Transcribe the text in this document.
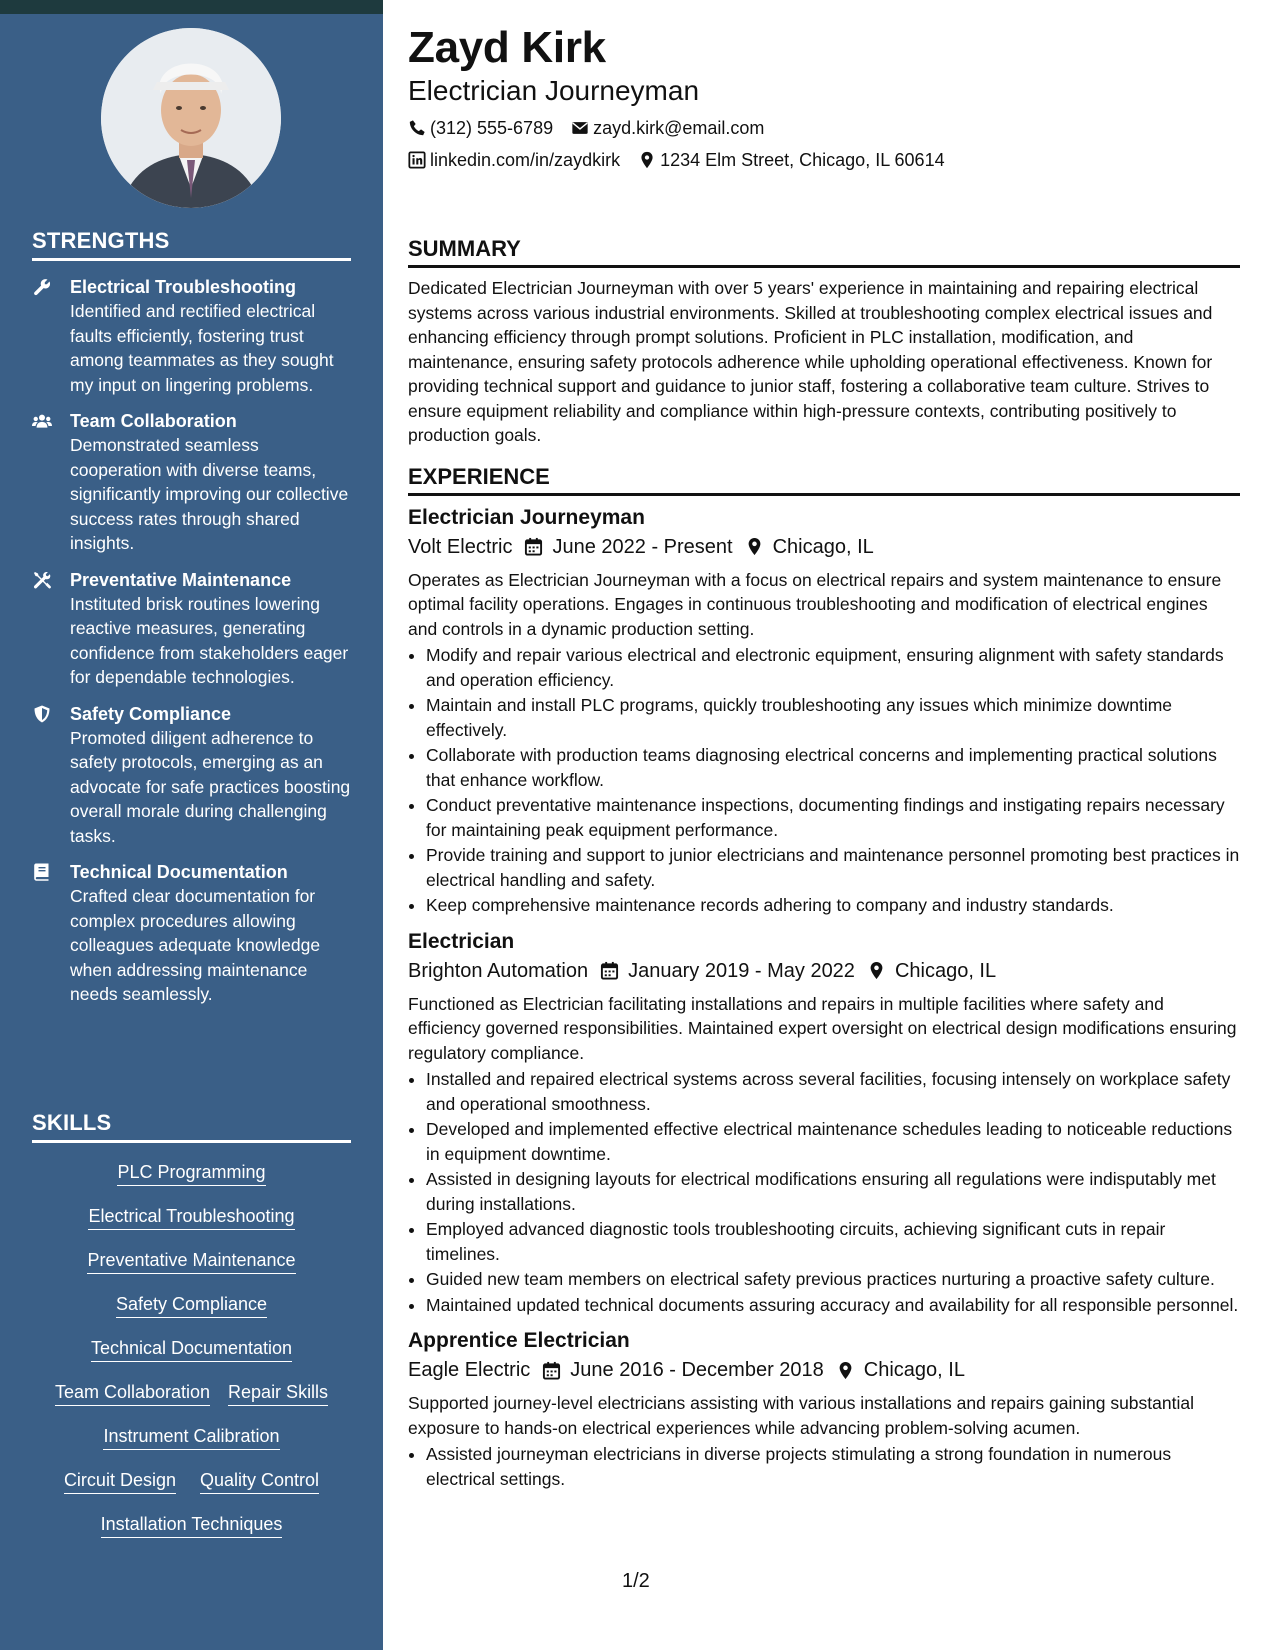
STRENGTHS
Electrical Troubleshooting
Identified and rectified electrical faults efficiently, fostering trust among teammates as they sought my input on lingering problems.
Team Collaboration
Demonstrated seamless cooperation with diverse teams, significantly improving our collective success rates through shared insights.
Preventative Maintenance
Instituted brisk routines lowering reactive measures, generating confidence from stakeholders eager for dependable technologies.
Safety Compliance
Promoted diligent adherence to safety protocols, emerging as an advocate for safe practices boosting overall morale during challenging tasks.
Technical Documentation
Crafted clear documentation for complex procedures allowing colleagues adequate knowledge when addressing maintenance needs seamlessly.
SKILLS
PLC Programming
Electrical Troubleshooting
Preventative Maintenance
Safety Compliance
Technical Documentation
Team Collaboration Repair Skills
Instrument Calibration
Circuit Design Quality Control
Installation Techniques
Zayd Kirk
Electrician Journeyman
(312) 555-6789 zayd.kirk@email.com
linkedin.com/in/zaydkirk 1234 Elm Street, Chicago, IL 60614
SUMMARY

Dedicated Electrician Journeyman with over 5 years' experience in maintaining and repairing electrical systems across various industrial environments. Skilled at troubleshooting complex electrical issues and enhancing efficiency through prompt solutions. Proficient in PLC installation, modification, and maintenance, ensuring safety protocols adherence while upholding operational effectiveness. Known for providing technical support and guidance to junior staff, fostering a collaborative team culture. Strives to ensure equipment reliability and compliance within high-pressure contexts, contributing positively to production goals.

EXPERIENCE
Electrician Journeyman
Volt Electric June 2022 - Present Chicago, IL

Operates as Electrician Journeyman with a focus on electrical repairs and system maintenance to ensure optimal facility operations. Engages in continuous troubleshooting and modification of electrical engines and controls in a dynamic production setting.

• Modify and repair various electrical and electronic equipment, ensuring alignment with safety standards and operation efficiency.
• Maintain and install PLC programs, quickly troubleshooting any issues which minimize downtime effectively.
• Collaborate with production teams diagnosing electrical concerns and implementing practical solutions that enhance workflow.
• Conduct preventative maintenance inspections, documenting findings and instigating repairs necessary for maintaining peak equipment performance.
• Provide training and support to junior electricians and maintenance personnel promoting best practices in electrical handling and safety.
• Keep comprehensive maintenance records adhering to company and industry standards.
Electrician
Brighton Automation January 2019 - May 2022 Chicago, IL

Functioned as Electrician facilitating installations and repairs in multiple facilities where safety and efficiency governed responsibilities. Maintained expert oversight on electrical design modifications ensuring regulatory compliance.

• Installed and repaired electrical systems across several facilities, focusing intensely on workplace safety and operational smoothness.
• Developed and implemented effective electrical maintenance schedules leading to noticeable reductions in equipment downtime.
• Assisted in designing layouts for electrical modifications ensuring all regulations were indisputably met during installations.
• Employed advanced diagnostic tools troubleshooting circuits, achieving significant cuts in repair timelines.
• Guided new team members on electrical safety previous practices nurturing a proactive safety culture.
• Maintained updated technical documents assuring accuracy and availability for all responsible personnel.
Apprentice Electrician
Eagle Electric June 2016 - December 2018 Chicago, IL

Supported journey-level electricians assisting with various installations and repairs gaining substantial exposure to hands-on electrical experiences while advancing problem-solving acumen.

• Assisted journeyman electricians in diverse projects stimulating a strong foundation in numerous electrical settings.
1/2
